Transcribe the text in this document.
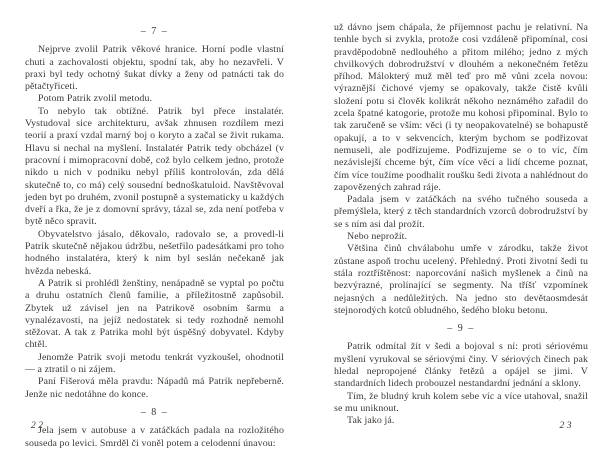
– 7 –

Nejprve zvolil Patrik věkové hranice. Horní podle vlastní chuti a zachovalosti objektu, spodní tak, aby ho nezavřeli. V praxi byl tedy ochotný šukat dívky a ženy od patnácti tak do pětačtyřiceti.

Potom Patrik zvolil metodu.

To nebylo tak obtížné. Patrik byl přece instalatér. Vystudoval sice architekturu, avšak zhnusen rozdílem mezi teorií a praxí vzdal marný boj o koryto a začal se živit rukama. Hlavu si nechal na myšlení. Instalatér Patrik tedy obcházel (v pracovní i mimopracovní době, což bylo celkem jedno, protože nikdo u nich v podniku nebyl příliš kontrolován, zda dělá skutečně to, co má) celý sousední bednoškatuloid. Navštěvoval jeden byt po druhém, zvonil postupně a systematicky u každých dveří a řka, že je z domovní správy, tázal se, zda není potřeba v bytě něco spravit.

Obyvatelstvo jásalo, děkovalo, radovalo se, a provedl-li Patrik skutečně nějakou údržbu, nešetřilo padesátkami pro toho hodného instalatéra, který k nim byl seslán nečekaně jak hvězda nebeská.

A Patrik si prohlédl ženštiny, nenápadně se vyptal po počtu a druhu ostatních členů familie, a příležitostně zapůsobil. Zbytek už závisel jen na Patrikově osobním šarmu a vynalézavosti, na jejíž nedostatek si tedy rozhodně nemohl stěžovat. A tak z Patrika mohl být úspěšný dobyvatel. Kdyby chtěl.

Jenomže Patrik svoji metodu tenkrát vyzkoušel, ohodnotil — a ztratil o ni zájem.

Paní Fišerová měla pravdu: Nápadů má Patrik nepřeberně. Jenže nic nedotáhne do konce.

– 8 –

Jela jsem v autobuse a v zatáčkách padala na rozložitého souseda po levici. Smrděl či voněl potem a celodenní únavou:

22

už dávno jsem chápala, že příjemnost pachu je relativní. Na tenhle bych si zvykla, protože cosi vzdáleně připomínal, cosi pravděpodobně nedlouhého a přitom milého; jedno z mých chvilkových dobrodružství v dlouhém a nekonečném řetězu příhod. Málokterý muž měl teď pro mě vůni zcela novou: výraznější čichové vjemy se opakovaly, takže čistě kvůli složení potu si člověk kolikrát někoho neznámého zařadil do zcela špatné katogorie, protože mu kohosi připomínal. Bylo to tak zaručeně se vším: věci (i ty neopakovatelné) se bohapustě opakují, a to v sekvencích, kterým bychom se podřizovat nemuseli, ale podřizujeme. Podřizujeme se o to víc, čím nezávislejší chceme být, čím více věcí a lidí chceme poznat, čím více toužíme poodhalit roušku šedi života a nahlédnout do zapovězených zahrad ráje.

Padala jsem v zatáčkách na svého tučného souseda a přemýšlela, který z těch standardních vzorců dobrodružství by se s ním asi dal prožít.

Nebo neprožít.

Většina činů chválabohu umře v zárodku, takže život zůstane aspoň trochu ucelený. Přehledný. Proti životní šedi tu stála roztříštěnost: naporcování našich myšlenek a činů na bezvýrazné, prolínající se segmenty. Na tříšť vzpomínek nejasných a nedůležitých. Na jedno sto devětaosmdesát stejnorodých kotců obludného, šedého bloku betonu.

– 9 –

Patrik odmítal žít v šedi a bojoval s ní: proti sériovému myšlení vyrukoval se sériovými činy. V sériových činech pak hledal nepropojené články řetězů a opájel se jimi. V standardních lidech probouzel nestandardní jednání a sklony.

Tím, že bludný kruh kolem sebe víc a více utahoval, snažil se mu uniknout.

Tak jako já.	23
